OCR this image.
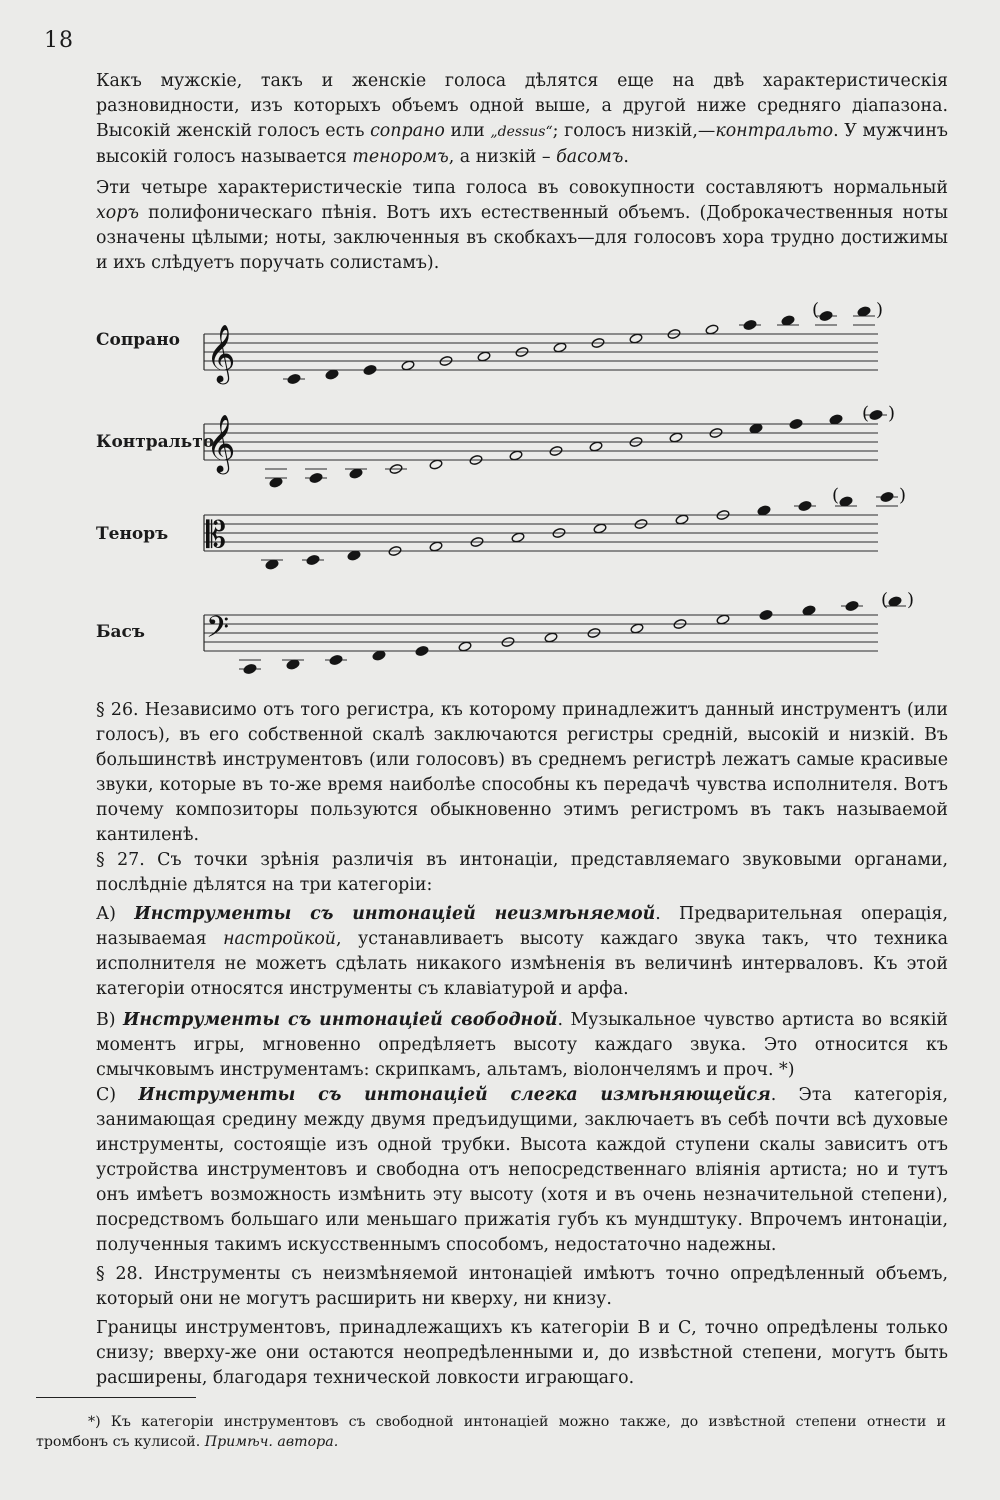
18

Какъ мужскіе, такъ и женскіе голоса дѣлятся еще на двѣ характеристическія разновидности, изъ которыхъ объемъ одной выше, а другой ниже средняго діапазона. Высокій женскій голосъ есть сопрано или „dessus“; голосъ низкій,—контральто. У мужчинъ высокій голосъ называется теноромъ, а низкій – басомъ.

Эти четыре характеристическіе типа голоса въ совокупности составляютъ нормальный хоръ полифоническаго пѣнія. Вотъ ихъ естественный объемъ. (Доброкачественныя ноты означены цѣлыми; ноты, заключенныя въ скобкахъ—для голосовъ хора трудно достижимы и ихъ слѣдуетъ поручать солистамъ).

Сопрано
Контральто
Теноръ
Басъ
𝄞
(	)
𝄞
( )
𝄡
(	)
𝄢
( )

§ 26. Независимо отъ того регистра, къ которому принадлежитъ данный инструментъ (или голосъ), въ его собственной скалѣ заключаются регистры средній, высокій и низкій. Въ большинствѣ инструментовъ (или голосовъ) въ среднемъ регистрѣ лежатъ самые красивые звуки, которые въ то-же время наиболѣе способны къ передачѣ чувства исполнителя. Вотъ почему композиторы пользуются обыкновенно этимъ регистромъ въ такъ называемой кантиленѣ.

§ 27. Съ точки зрѣнія различія въ интонаціи, представляемаго звуковыми органами, послѣдніе дѣлятся на три категоріи:

А) Инструменты съ интонаціей неизмѣняемой. Предварительная операція, называемая настройкой, устанавливаетъ высоту каждаго звука такъ, что техника исполнителя не можетъ сдѣлать никакого измѣненія въ величинѣ интерваловъ. Къ этой категоріи относятся инструменты съ клавіатурой и арфа.

В) Инструменты съ интонаціей свободной. Музыкальное чувство артиста во всякій моментъ игры, мгновенно опредѣляетъ высоту каждаго звука. Это относится къ смычковымъ инструментамъ: скрипкамъ, альтамъ, віолончелямъ и проч. *)

С) Инструменты съ интонаціей слегка измѣняющейся. Эта категорія, занимающая средину между двумя предъидущими, заключаетъ въ себѣ почти всѣ духовые инструменты, состоящіе изъ одной трубки. Высота каждой ступени скалы зависитъ отъ устройства инструментовъ и свободна отъ непосредственнаго вліянія артиста; но и тутъ онъ имѣетъ возможность измѣнить эту высоту (хотя и въ очень незначительной степени), посредствомъ большаго или меньшаго прижатія губъ къ мундштуку. Впрочемъ интонаціи, полученныя такимъ искусственнымъ способомъ, недостаточно надежны.

§ 28. Инструменты съ неизмѣняемой интонаціей имѣютъ точно опредѣленный объемъ, который они не могутъ расширить ни кверху, ни книзу.

Границы инструментовъ, принадлежащихъ къ категоріи В и С, точно опредѣлены только снизу; вверху-же они остаются неопредѣленными и, до извѣстной степени, могутъ быть расширены, благодаря технической ловкости играющаго.

*) Къ категоріи инструментовъ съ свободной интонаціей можно также, до извѣстной степени отнести и тромбонъ съ кулисой. Примѣч. автора.
